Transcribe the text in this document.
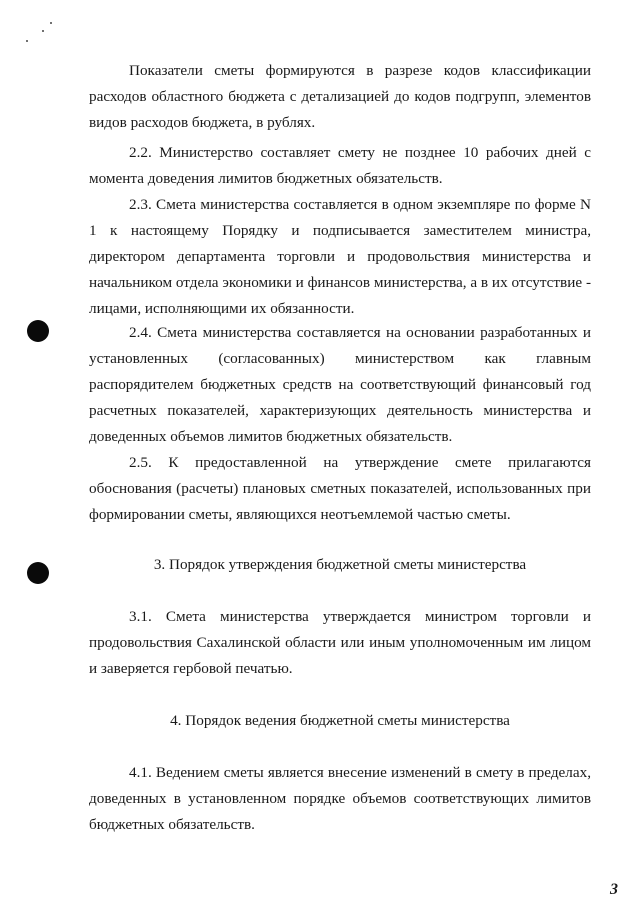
Показатели сметы формируются в разрезе кодов классификации расходов областного бюджета с детализацией до кодов подгрупп, элементов видов расходов бюджета, в рублях.

2.2. Министерство составляет смету не позднее 10 рабочих дней с момента доведения лимитов бюджетных обязательств.

2.3. Смета министерства составляется в одном экземпляре по форме N 1 к настоящему Порядку и подписывается заместителем министра, директором департамента торговли и продовольствия министерства и начальником отдела экономики и финансов министерства, а в их отсутствие - лицами, исполняющими их обязанности.

2.4. Смета министерства составляется на основании разработанных и установленных (согласованных) министерством как главным распорядителем бюджетных средств на соответствующий финансовый год расчетных показателей, характеризующих деятельность министерства и доведенных объемов лимитов бюджетных обязательств.

2.5. К предоставленной на утверждение смете прилагаются обоснования (расчеты) плановых сметных показателей, использованных при формировании сметы, являющихся неотъемлемой частью сметы.

3. Порядок утверждения бюджетной сметы министерства

3.1. Смета министерства утверждается министром торговли и продовольствия Сахалинской области или иным уполномоченным им лицом и заверяется гербовой печатью.

4. Порядок ведения бюджетной сметы министерства

4.1. Ведением сметы является внесение изменений в смету в пределах, доведенных в установленном порядке объемов соответствующих лимитов бюджетных обязательств.

3
